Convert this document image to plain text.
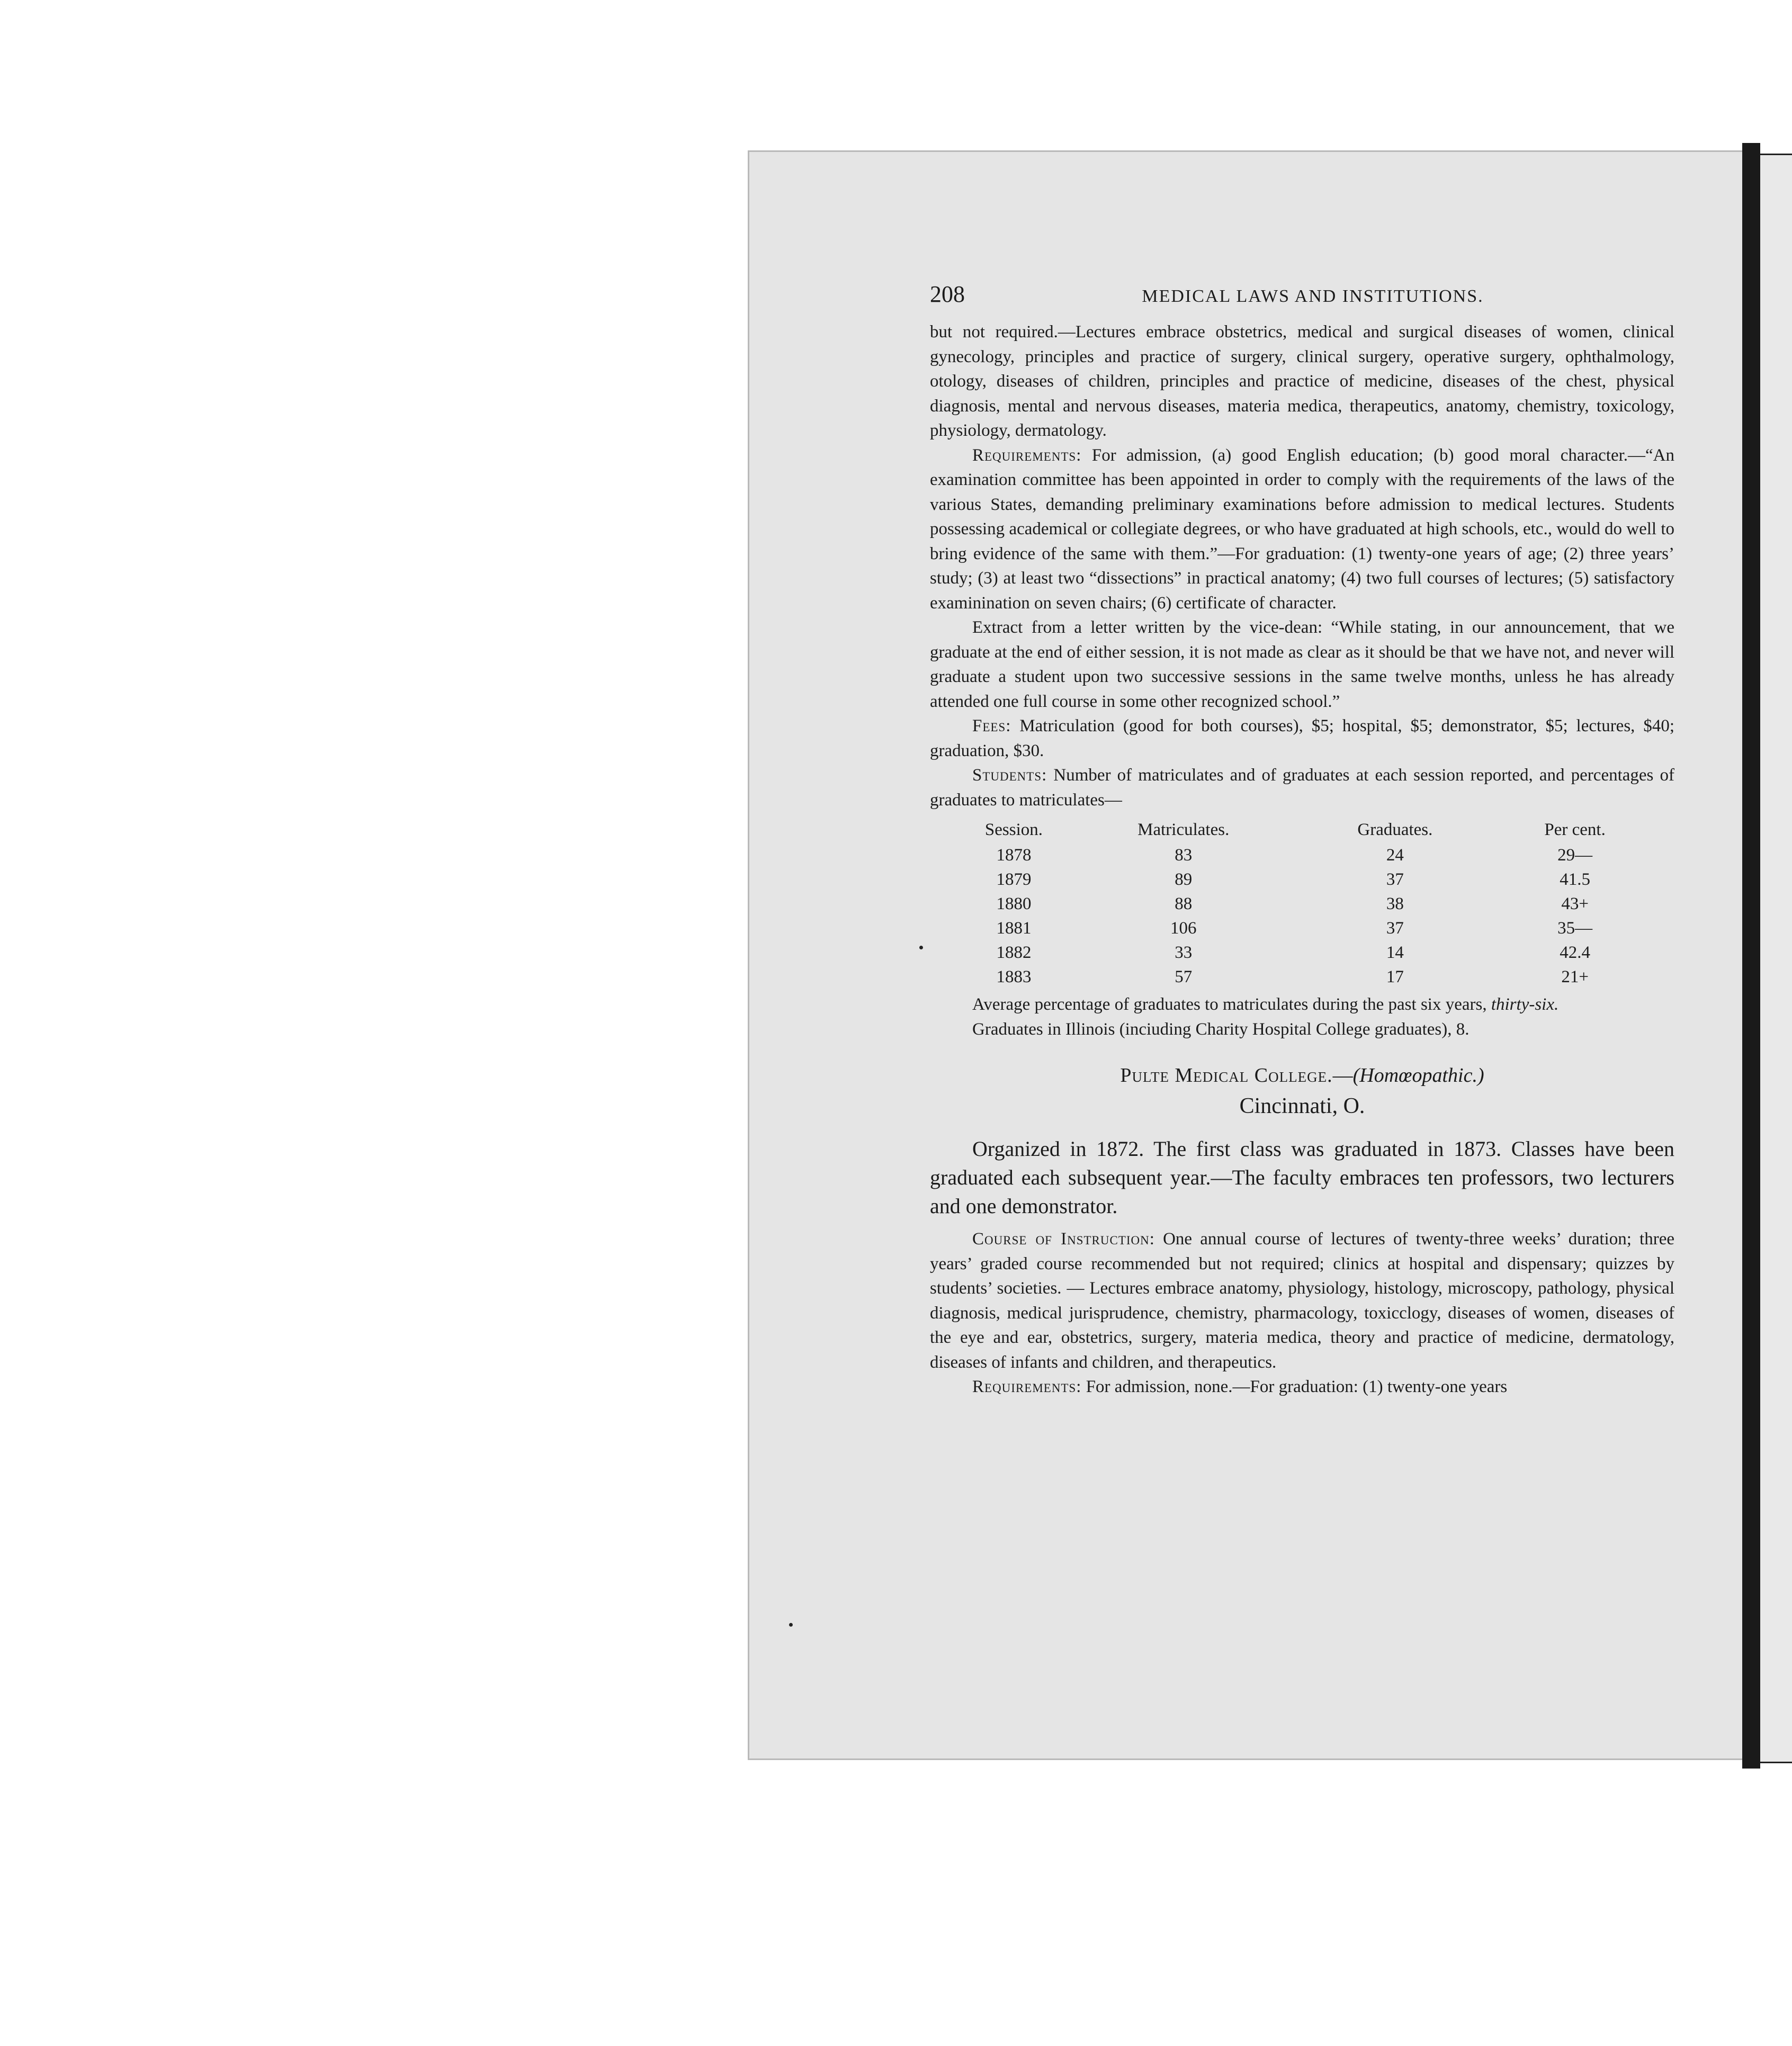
208	MEDICAL LAWS AND INSTITUTIONS.

but not required.—Lectures embrace obstetrics, medical and surgical diseases of women, clinical gynecology, principles and practice of surgery, clinical surgery, operative surgery, ophthalmology, otology, diseases of children, principles and practice of medicine, diseases of the chest, physical diagnosis, mental and nervous diseases, materia medica, therapeutics, anatomy, chemistry, toxicology, physiology, dermatology.

Requirements: For admission, (a) good English education; (b) good moral character.—“An examination committee has been appointed in order to comply with the requirements of the laws of the various States, demanding preliminary examinations before admission to medical lectures. Students possessing academical or collegiate degrees, or who have graduated at high schools, etc., would do well to bring evidence of the same with them.”—For graduation: (1) twenty-one years of age; (2) three years’ study; (3) at least two “dissections” in practical anatomy; (4) two full courses of lectures; (5) satisfactory examinination on seven chairs; (6) certificate of character.

Extract from a letter written by the vice-dean: “While stating, in our announcement, that we graduate at the end of either session, it is not made as clear as it should be that we have not, and never will graduate a student upon two successive sessions in the same twelve months, unless he has already attended one full course in some other recognized school.”

Fees: Matriculation (good for both courses), $5; hospital, $5; demonstrator, $5; lectures, $40; graduation, $30.

Students: Number of matriculates and of graduates at each session reported, and percentages of graduates to matriculates—

Session.	Matriculates.	Graduates.	Per cent.
1878	83	24	29—
1879	89	37	41.5
1880	88	38	43+
1881	106	37	35—
1882	33	14	42.4
1883	57	17	21+

Average percentage of graduates to matriculates during the past six years, thirty-six.

Graduates in Illinois (inciuding Charity Hospital College graduates), 8.

Pulte Medical College.—(Homœopathic.)
Cincinnati, O.

Organized in 1872. The first class was graduated in 1873. Classes have been graduated each subsequent year.—The faculty embraces ten professors, two lecturers and one demonstrator.

Course of Instruction: One annual course of lectures of twenty-three weeks’ duration; three years’ graded course recommended but not required; clinics at hospital and dispensary; quizzes by students’ societies. — Lectures embrace anatomy, physiology, histology, microscopy, pathology, physical diagnosis, medical jurisprudence, chemistry, pharmacology, toxicclogy, diseases of women, diseases of the eye and ear, obstetrics, surgery, materia medica, theory and practice of medicine, dermatology, diseases of infants and children, and therapeutics.

Requirements: For admission, none.—For graduation: (1) twenty-one years
